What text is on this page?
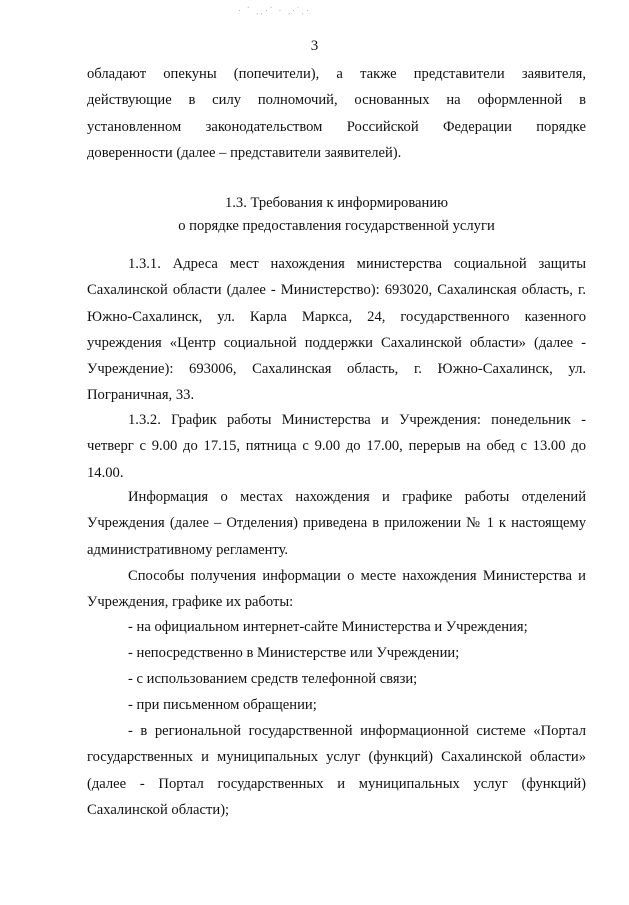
· ˊ ˏˎ·ˋ · ˏ·˙ˎ·
3
обладают опекуны (попечители), а также представители заявителя, действующие в силу полномочий, основанных на оформленной в установленном законодательством Российской Федерации порядке доверенности (далее – представители заявителей).
1.3. Требования к информированию
о порядке предоставления государственной услуги
1.3.1. Адреса мест нахождения министерства социальной защиты Сахалинской области (далее - Министерство): 693020, Сахалинская область, г. Южно-Сахалинск, ул. Карла Маркса, 24, государственного казенного учреждения «Центр социальной поддержки Сахалинской области» (далее - Учреждение): 693006, Сахалинская область, г. Южно-Сахалинск, ул. Пограничная, 33.
1.3.2. График работы Министерства и Учреждения: понедельник - четверг с 9.00 до 17.15, пятница с 9.00 до 17.00, перерыв на обед с 13.00 до 14.00.
Информация о местах нахождения и графике работы отделений Учреждения (далее – Отделения) приведена в приложении № 1 к настоящему административному регламенту.
Способы получения информации о месте нахождения Министерства и Учреждения, графике их работы:
- на официальном интернет-сайте Министерства и Учреждения;
- непосредственно в Министерстве или Учреждении;
- с использованием средств телефонной связи;
- при письменном обращении;
- в региональной государственной информационной системе «Портал государственных и муниципальных услуг (функций) Сахалинской области» (далее - Портал государственных и муниципальных услуг (функций) Сахалинской области);
